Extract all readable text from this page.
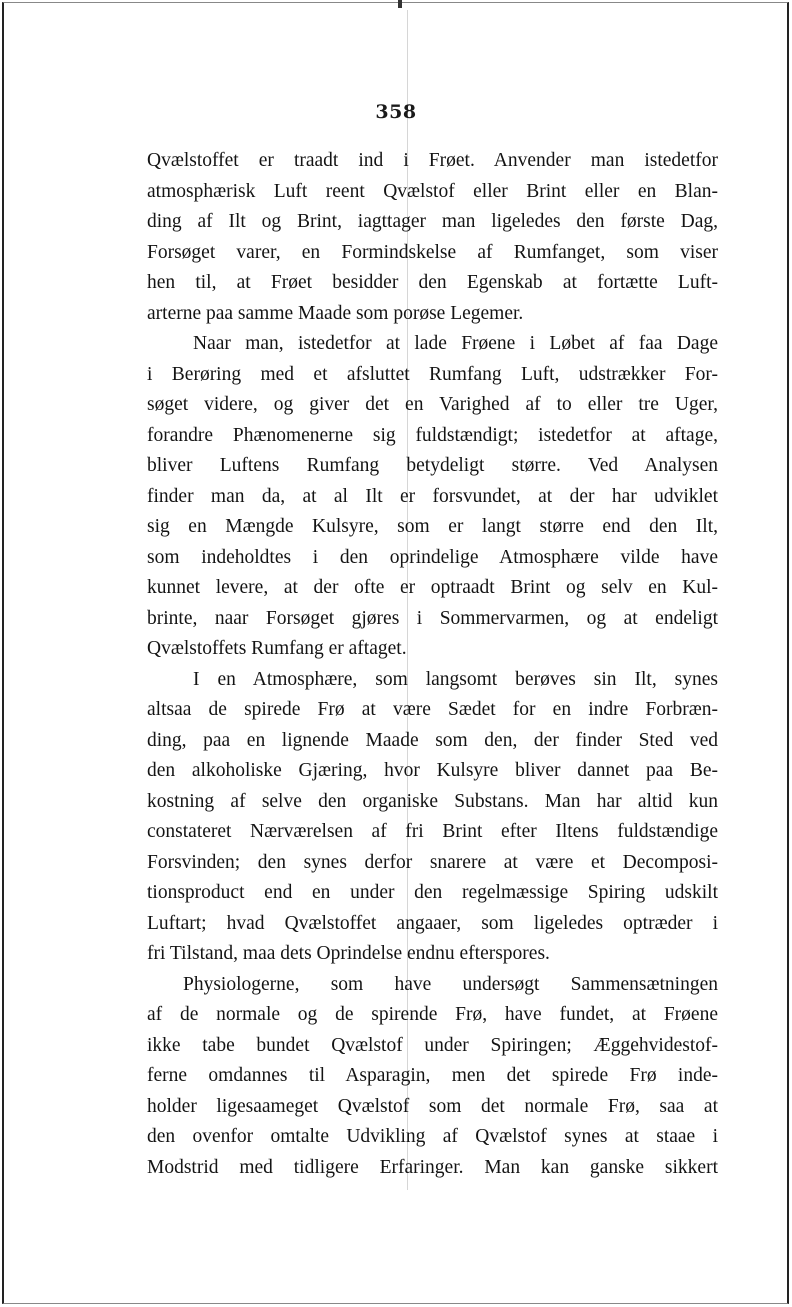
358
Qvælstoffet er traadt ind i Frøet. Anvender man istedetfor
atmosphærisk Luft reent Qvælstof eller Brint eller en Blan-
ding af Ilt og Brint, iagttager man ligeledes den første Dag,
Forsøget varer, en Formindskelse af Rumfanget, som viser
hen til, at Frøet besidder den Egenskab at fortætte Luft-
arterne paa samme Maade som porøse Legemer.
Naar man, istedetfor at lade Frøene i Løbet af faa Dage
i Berøring med et afsluttet Rumfang Luft, udstrækker For-
søget videre, og giver det en Varighed af to eller tre Uger,
forandre Phænomenerne sig fuldstændigt; istedetfor at aftage,
bliver Luftens Rumfang betydeligt større. Ved Analysen
finder man da, at al Ilt er forsvundet, at der har udviklet
sig en Mængde Kulsyre, som er langt større end den Ilt,
som indeholdtes i den oprindelige Atmosphære vilde have
kunnet levere, at der ofte er optraadt Brint og selv en Kul-
brinte, naar Forsøget gjøres i Sommervarmen, og at endeligt
Qvælstoffets Rumfang er aftaget.
I en Atmosphære, som langsomt berøves sin Ilt, synes
altsaa de spirede Frø at være Sædet for en indre Forbræn-
ding, paa en lignende Maade som den, der finder Sted ved
den alkoholiske Gjæring, hvor Kulsyre bliver dannet paa Be-
kostning af selve den organiske Substans. Man har altid kun
constateret Nærværelsen af fri Brint efter Iltens fuldstændige
Forsvinden; den synes derfor snarere at være et Decomposi-
tionsproduct end en under den regelmæssige Spiring udskilt
Luftart; hvad Qvælstoffet angaaer, som ligeledes optræder i
fri Tilstand, maa dets Oprindelse endnu efterspores.
Physiologerne, som have undersøgt Sammensætningen
af de normale og de spirende Frø, have fundet, at Frøene
ikke tabe bundet Qvælstof under Spiringen; Æggehvidestof-
ferne omdannes til Asparagin, men det spirede Frø inde-
holder ligesaameget Qvælstof som det normale Frø, saa at
den ovenfor omtalte Udvikling af Qvælstof synes at staae i
Modstrid med tidligere Erfaringer. Man kan ganske sikkert
